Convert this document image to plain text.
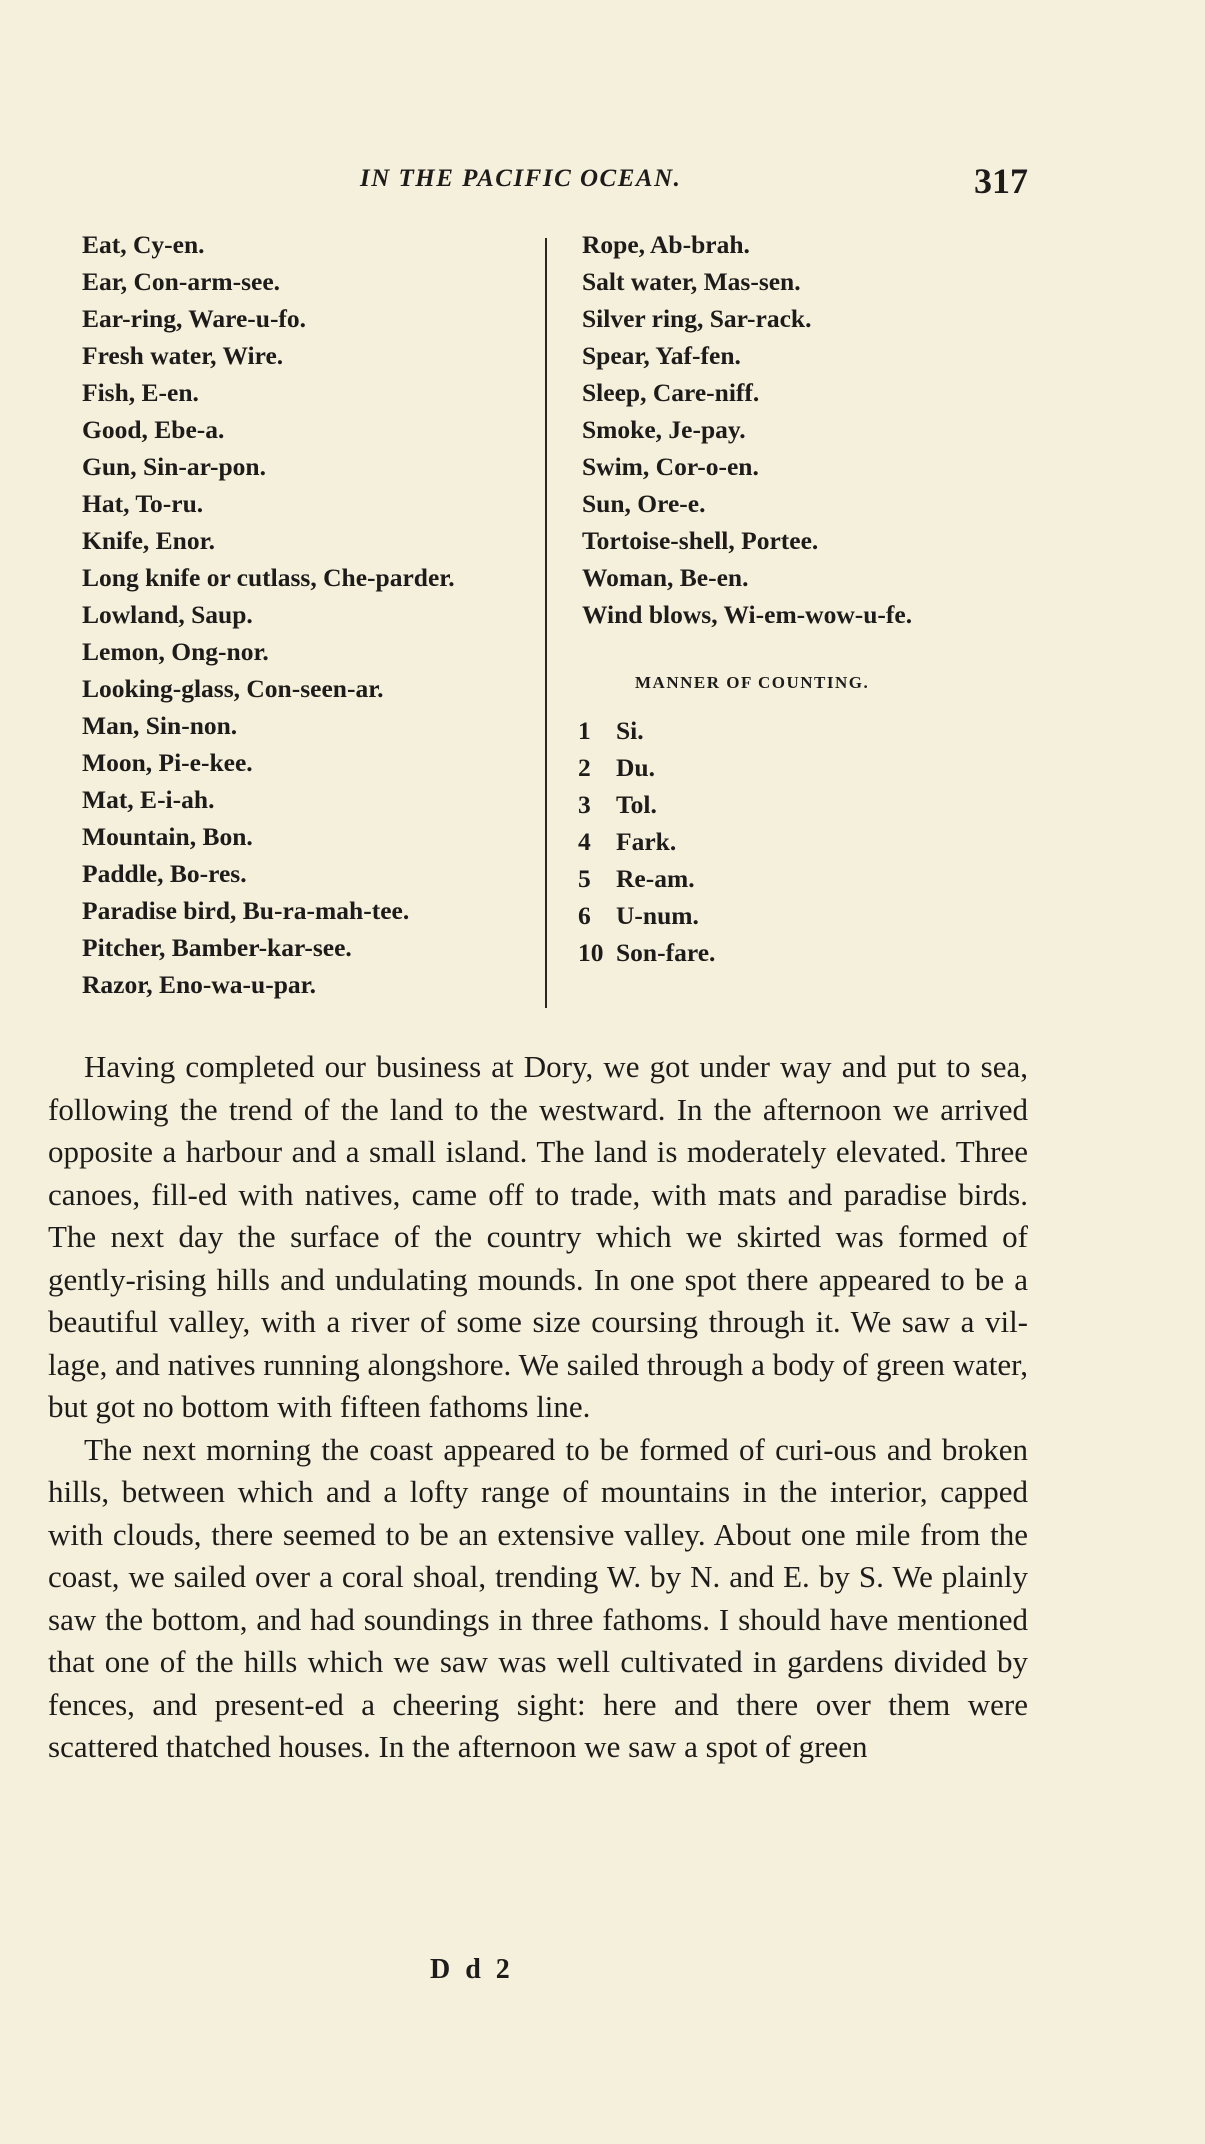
IN THE PACIFIC OCEAN.	317
Eat, Cy-en.
Ear, Con-arm-see.
Ear-ring, Ware-u-fo.
Fresh water, Wire.
Fish, E-en.
Good, Ebe-a.
Gun, Sin-ar-pon.
Hat, To-ru.
Knife, Enor.
Long knife or cutlass, Che-parder.
Lowland, Saup.
Lemon, Ong-nor.
Looking-glass, Con-seen-ar.
Man, Sin-non.
Moon, Pi-e-kee.
Mat, E-i-ah.
Mountain, Bon.
Paddle, Bo-res.
Paradise bird, Bu-ra-mah-tee.
Pitcher, Bamber-kar-see.
Razor, Eno-wa-u-par.
Rope, Ab-brah.
Salt water, Mas-sen.
Silver ring, Sar-rack.
Spear, Yaf-fen.
Sleep, Care-niff.
Smoke, Je-pay.
Swim, Cor-o-en.
Sun, Ore-e.
Tortoise-shell, Portee.
Woman, Be-en.
Wind blows, Wi-em-wow-u-fe.
MANNER OF COUNTING.
1 Si.
2 Du.
3 Tol.
4 Fark.
5 Re-am.
6 U-num.
10 Son-fare.

Having completed our business at Dory, we got under way and put to sea, following the trend of the land to the westward. In the afternoon we arrived opposite a harbour and a small island. The land is moderately elevated. Three canoes, fill-ed with natives, came off to trade, with mats and paradise birds. The next day the surface of the country which we skirted was formed of gently-rising hills and undulating mounds. In one spot there appeared to be a beautiful valley, with a river of some size coursing through it. We saw a vil-lage, and natives running alongshore. We sailed through a body of green water, but got no bottom with fifteen fathoms line.

The next morning the coast appeared to be formed of curi-ous and broken hills, between which and a lofty range of mountains in the interior, capped with clouds, there seemed to be an extensive valley. About one mile from the coast, we sailed over a coral shoal, trending W. by N. and E. by S. We plainly saw the bottom, and had soundings in three fathoms. I should have mentioned that one of the hills which we saw was well cultivated in gardens divided by fences, and present-ed a cheering sight: here and there over them were scattered thatched houses. In the afternoon we saw a spot of green

D d 2
